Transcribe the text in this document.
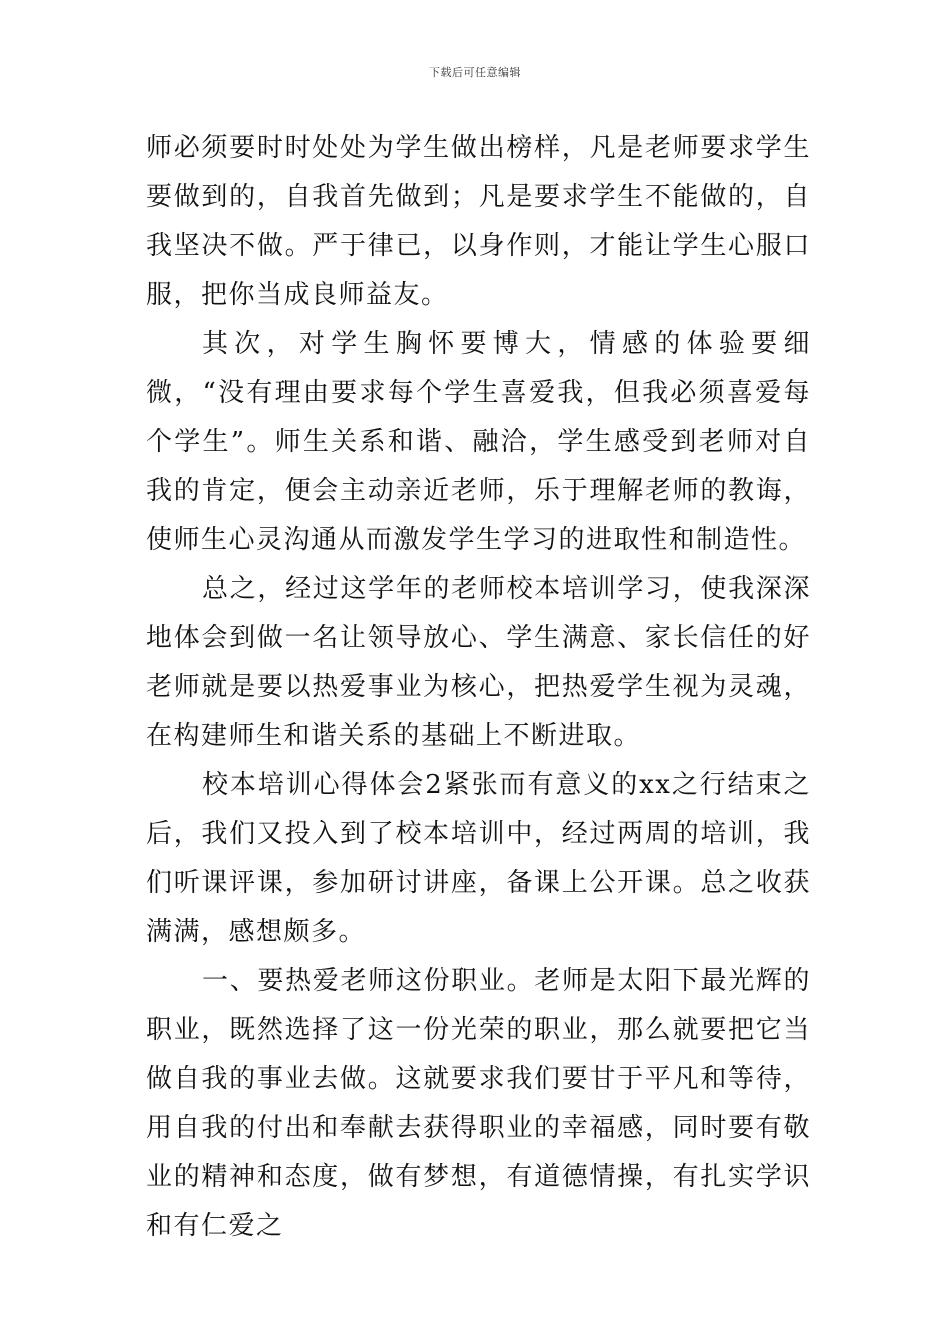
下载后可任意编辑

师必须要时时处处为学生做出榜样，凡是老师要求学生要做到的，自我首先做到；凡是要求学生不能做的，自我坚决不做。严于律已，以身作则，才能让学生心服口服，把你当成良师益友。

其次，对学生胸怀要博大，情感的体验要细微，“没有理由要求每个学生喜爱我，但我必须喜爱每个学生”。师生关系和谐、融洽，学生感受到老师对自我的肯定，便会主动亲近老师，乐于理解老师的教诲，使师生心灵沟通从而激发学生学习的进取性和制造性。

总之，经过这学年的老师校本培训学习，使我深深地体会到做一名让领导放心、学生满意、家长信任的好老师就是要以热爱事业为核心，把热爱学生视为灵魂，在构建师生和谐关系的基础上不断进取。

校本培训心得体会2紧张而有意义的xx之行结束之后，我们又投入到了校本培训中，经过两周的培训，我们听课评课，参加研讨讲座，备课上公开课。总之收获满满，感想颇多。

一、要热爱老师这份职业。老师是太阳下最光辉的职业，既然选择了这一份光荣的职业，那么就要把它当做自我的事业去做。这就要求我们要甘于平凡和等待，用自我的付出和奉献去获得职业的幸福感，同时要有敬业的精神和态度，做有梦想，有道德情操，有扎实学识和有仁爱之
